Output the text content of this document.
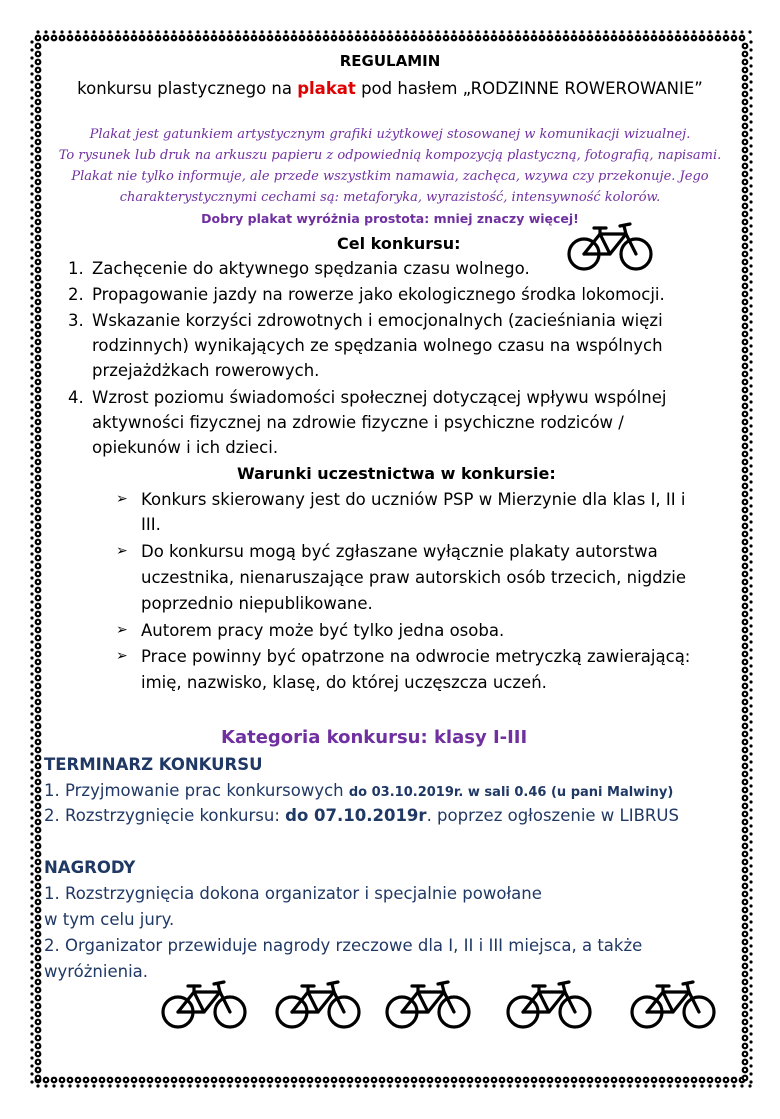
REGULAMIN

konkursu plastycznego na plakat pod hasłem „RODZINNE ROWEROWANIE”

Plakat jest gatunkiem artystycznym grafiki użytkowej stosowanej w komunikacji wizualnej.

To rysunek lub druk na arkuszu papieru z odpowiednią kompozycją plastyczną, fotografią, napisami.

Plakat nie tylko informuje, ale przede wszystkim namawia, zachęca, wzywa czy przekonuje. Jego

charakterystycznymi cechami są: metaforyka, wyrazistość, intensywność kolorów.

Dobry plakat wyróżnia prostota: mniej znaczy więcej!

Cel konkursu:

1. Zachęcenie do aktywnego spędzania czasu wolnego.

2. Propagowanie jazdy na rowerze jako ekologicznego środka lokomocji.

3. Wskazanie korzyści zdrowotnych i emocjonalnych (zacieśniania więzi

rodzinnych) wynikających ze spędzania wolnego czasu na wspólnych

przejażdżkach rowerowych.

4. Wzrost poziomu świadomości społecznej dotyczącej wpływu wspólnej

aktywności fizycznej na zdrowie fizyczne i psychiczne rodziców /

opiekunów i ich dzieci.

Warunki uczestnictwa w konkursie:

➢ Konkurs skierowany jest do uczniów PSP w Mierzynie dla klas I, II i

III.

➢ Do konkursu mogą być zgłaszane wyłącznie plakaty autorstwa

uczestnika, nienaruszające praw autorskich osób trzecich, nigdzie

poprzednio niepublikowane.

➢ Autorem pracy może być tylko jedna osoba.

➢ Prace powinny być opatrzone na odwrocie metryczką zawierającą:

imię, nazwisko, klasę, do której uczęszcza uczeń.

Kategoria konkursu: klasy I-III

TERMINARZ KONKURSU

1. Przyjmowanie prac konkursowych do 03.10.2019r. w sali 0.46 (u pani Malwiny)

2. Rozstrzygnięcie konkursu: do 07.10.2019r. poprzez ogłoszenie w LIBRUS

NAGRODY

1. Rozstrzygnięcia dokona organizator i specjalnie powołane

w tym celu jury.

2. Organizator przewiduje nagrody rzeczowe dla I, II i III miejsca, a także

wyróżnienia.
